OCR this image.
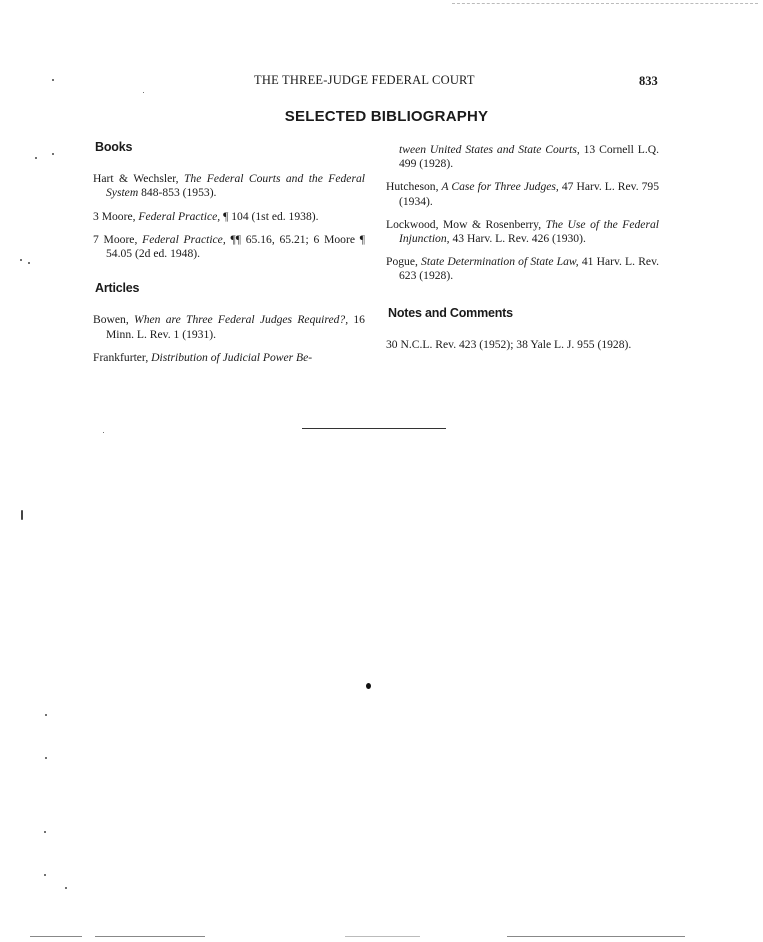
THE THREE-JUDGE FEDERAL COURT	833
SELECTED BIBLIOGRAPHY
Books
Hart & Wechsler, The Federal Courts and the Federal System 848-853 (1953).
3 Moore, Federal Practice, ¶ 104 (1st ed. 1938).
7 Moore, Federal Practice, ¶¶ 65.16, 65.21; 6 Moore ¶ 54.05 (2d ed. 1948).
Articles
Bowen, When are Three Federal Judges Required?, 16 Minn. L. Rev. 1 (1931).
Frankfurter, Distribution of Judicial Power Be-
tween United States and State Courts, 13 Cornell L.Q. 499 (1928).
Hutcheson, A Case for Three Judges, 47 Harv. L. Rev. 795 (1934).
Lockwood, Mow & Rosenberry, The Use of the Federal Injunction, 43 Harv. L. Rev. 426 (1930).
Pogue, State Determination of State Law, 41 Harv. L. Rev. 623 (1928).
Notes and Comments
30 N.C.L. Rev. 423 (1952); 38 Yale L. J. 955 (1928).
